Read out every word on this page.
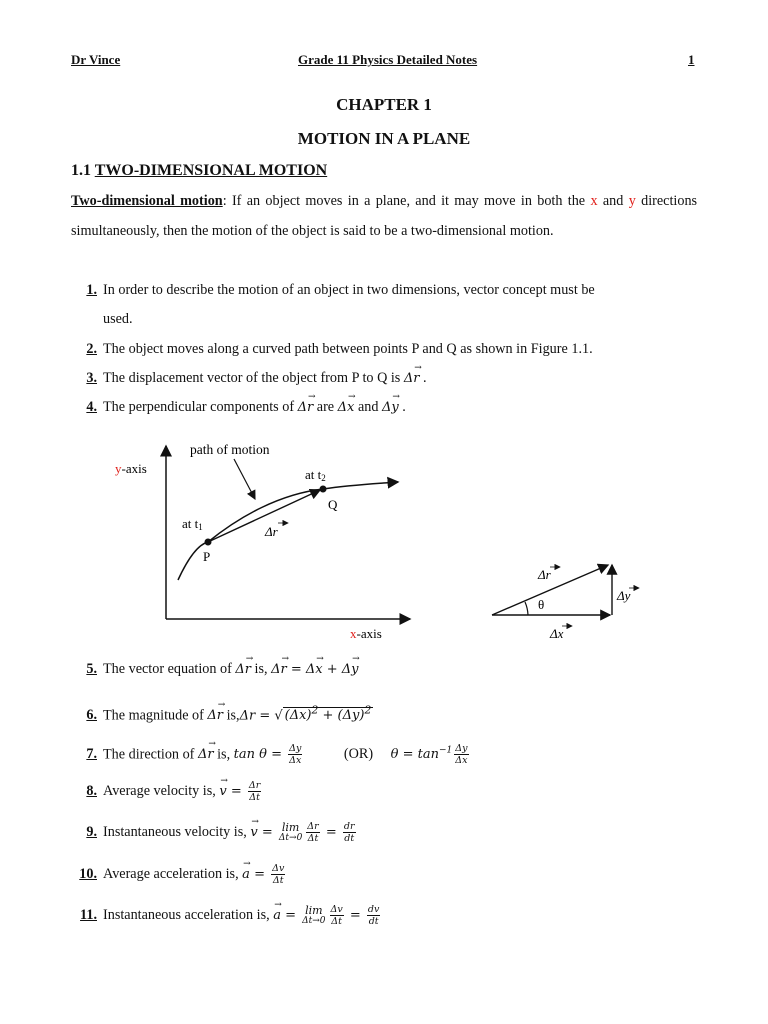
Dr Vince	Grade 11 Physics Detailed Notes	1
CHAPTER 1
MOTION IN A PLANE
1.1 TWO-DIMENSIONAL MOTION
Two-dimensional motion: If an object moves in a plane, and it may move in both the x and y directions simultaneously, then the motion of the object is said to be a two-dimensional motion.
1. In order to describe the motion of an object in two dimensions, vector concept must be
used.
2. The object moves along a curved path between points P and Q as shown in Figure 1.1.
3. The displacement vector of the object from P to Q is Δ→ r .
4. The perpendicular components of Δ→ r are Δ→ x and Δ→ y .
y-axis
x-axis
path of motion
at t1
at t2
P
Q
Δr
θ
Δr
Δy
Δx
5. The vector equation of Δ→ r is, Δ→ r = Δ→ x + Δ→ y
6. The magnitude of Δ→ r is,Δr = √ $(\Delta x)^2 + (\Delta y)^2$
7. The direction of Δ→ r is, $\tan \theta = \frac{\Delta y}{\Delta x}$	(OR) $\theta = \tan^{-1} \frac{\Delta y}{\Delta x}$
8. Average velocity is, → $v = \frac{\Delta r}{\Delta t}$
9. Instantaneous velocity is, → v = lim
$\Delta t\to 0 \frac{\Delta r}{\Delta t} = \frac{dr}{dt}$
10. Average acceleration is, → $a = \frac{\Delta v}{\Delta t}$
11. Instantaneous acceleration is, → a = lim
$\Delta t\to 0 \frac{\Delta v}{\Delta t} = \frac{dv}{dt}$
